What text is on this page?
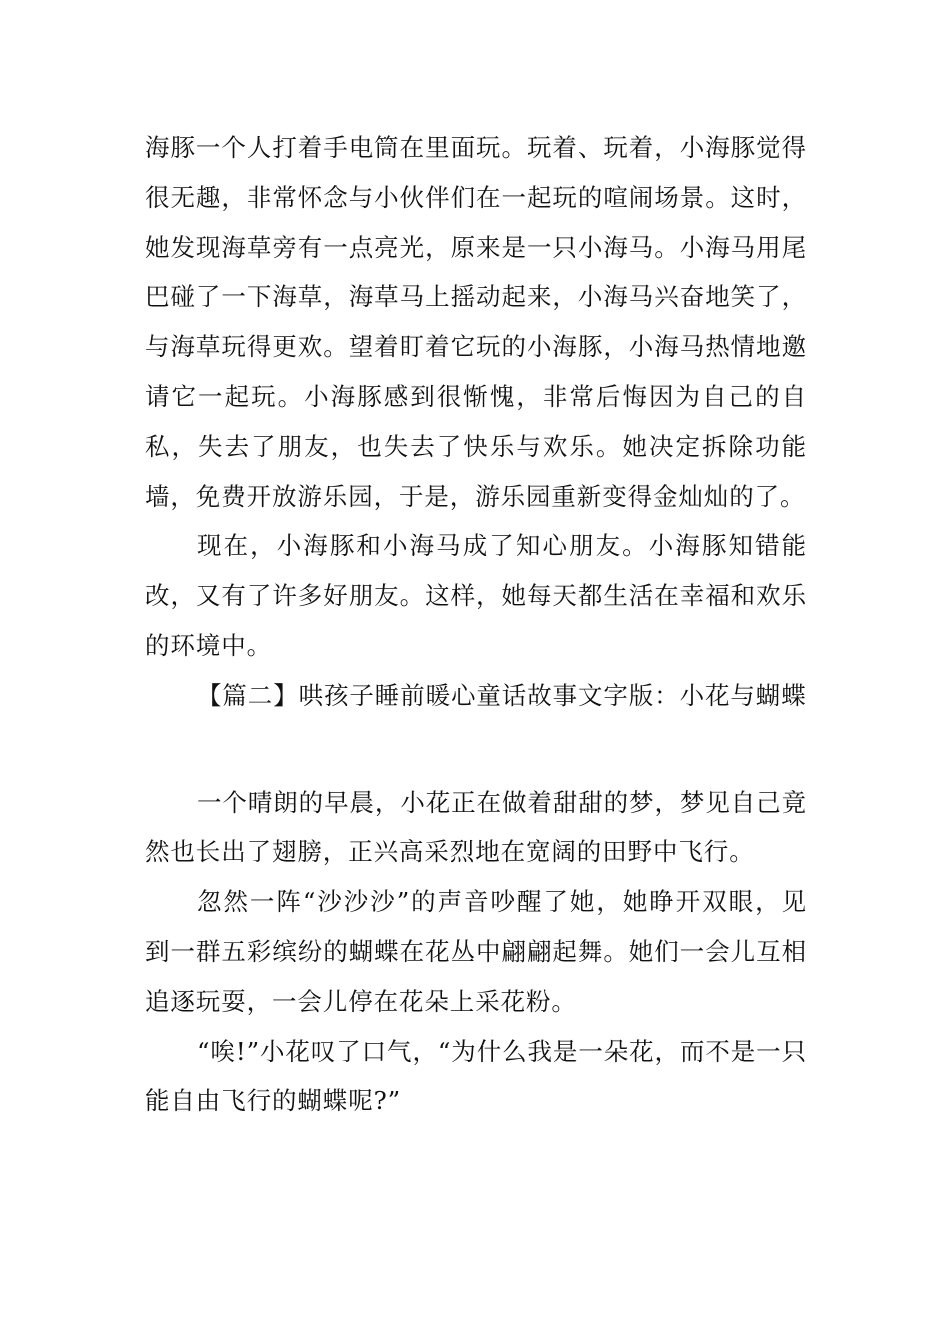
海豚一个人打着手电筒在里面玩。玩着、玩着，小海豚觉得很无趣，非常怀念与小伙伴们在一起玩的喧闹场景。这时，她发现海草旁有一点亮光，原来是一只小海马。小海马用尾巴碰了一下海草，海草马上摇动起来，小海马兴奋地笑了，与海草玩得更欢。望着盯着它玩的小海豚，小海马热情地邀请它一起玩。小海豚感到很惭愧，非常后悔因为自己的自私，失去了朋友，也失去了快乐与欢乐。她决定拆除功能墙，免费开放游乐园，于是，游乐园重新变得金灿灿的了。

现在，小海豚和小海马成了知心朋友。小海豚知错能改，又有了许多好朋友。这样，她每天都生活在幸福和欢乐的环境中。

【篇二】哄孩子睡前暖心童话故事文字版：小花与蝴蝶

一个晴朗的早晨，小花正在做着甜甜的梦，梦见自己竟然也长出了翅膀，正兴高采烈地在宽阔的田野中飞行。

忽然一阵“沙沙沙”的声音吵醒了她，她睁开双眼，见到一群五彩缤纷的蝴蝶在花丛中翩翩起舞。她们一会儿互相追逐玩耍，一会儿停在花朵上采花粉。

“唉!”小花叹了口气，“为什么我是一朵花，而不是一只能自由飞行的蝴蝶呢?”
